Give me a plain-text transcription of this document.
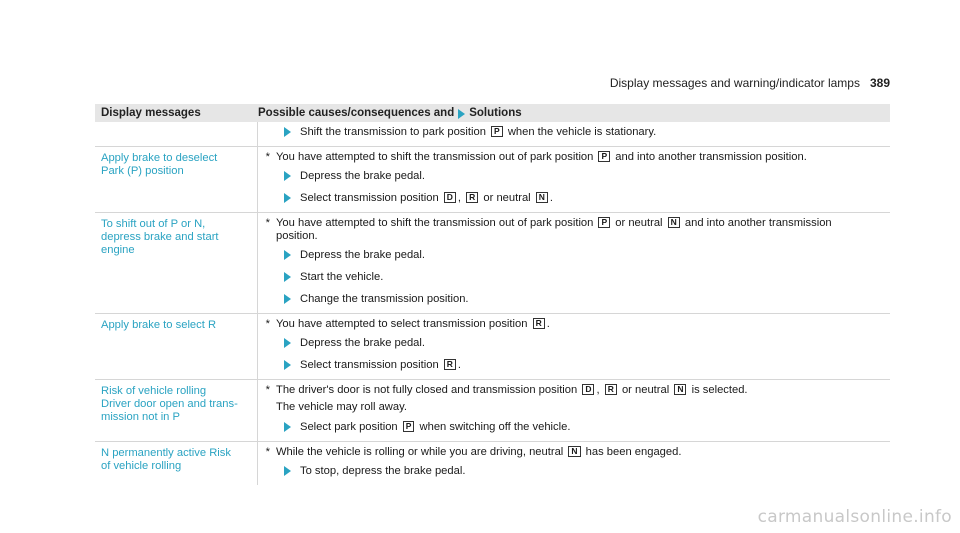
Display messages and warning/indicator lamps 389
Display messages	Possible causes/consequences and Solutions
Shift the transmission to park position P when the vehicle is stationary.
Apply brake to deselect
Park (P) position
* You have attempted to shift the transmission out of park position P and into another transmission position.
Depress the brake pedal.
Select transmission position D , R or neutral N .
To shift out of P or N,
depress brake and start
engine
* You have attempted to shift the transmission out of park position P or neutral N and into another transmission position.
Depress the brake pedal.
Start the vehicle.
Change the transmission position.
Apply brake to select R	* You have attempted to select transmission position R .
Depress the brake pedal.
Select transmission position R .
Risk of vehicle rolling
Driver door open and trans-
mission not in P
* The driver's door is not fully closed and transmission position D , R or neutral N is selected.
The vehicle may roll away.
Select park position P when switching off the vehicle.
N permanently active Risk
of vehicle rolling
* While the vehicle is rolling or while you are driving, neutral N has been engaged.
To stop, depress the brake pedal.
carmanualsonline.info
